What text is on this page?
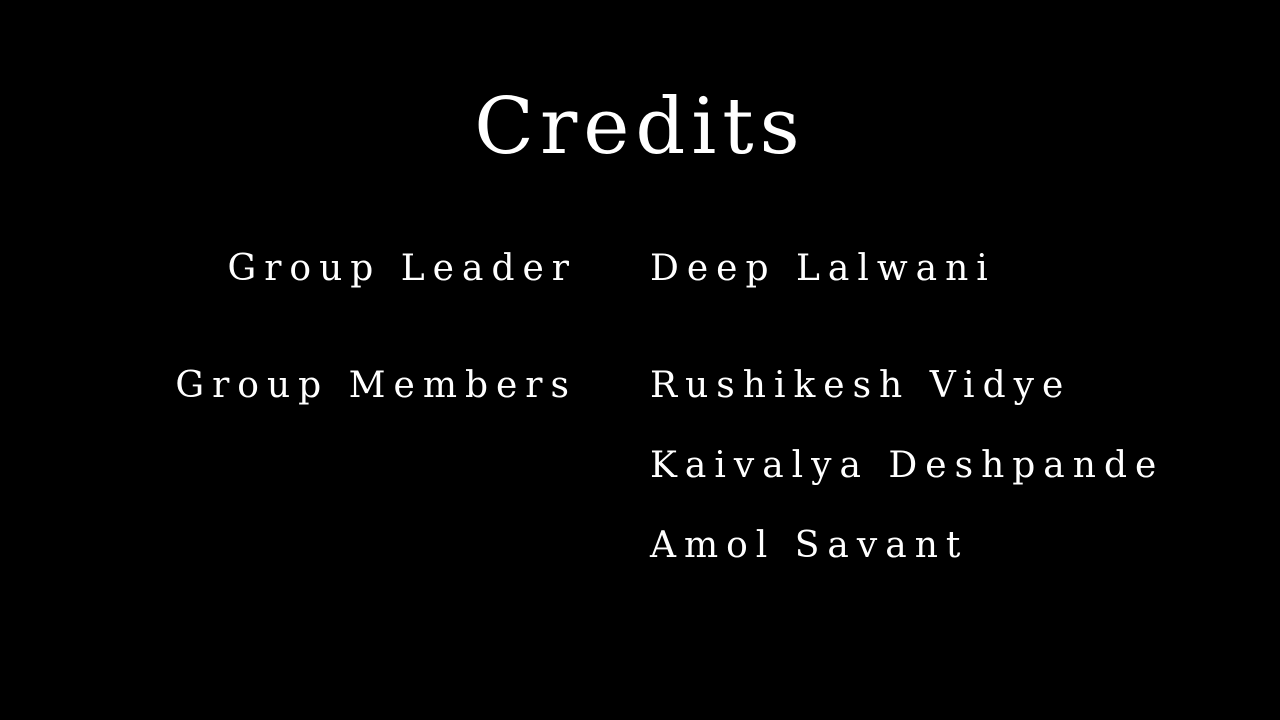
Credits
Group Leader Deep Lalwani
Group Members Rushikesh Vidye
Kaivalya Deshpande
Amol Savant
